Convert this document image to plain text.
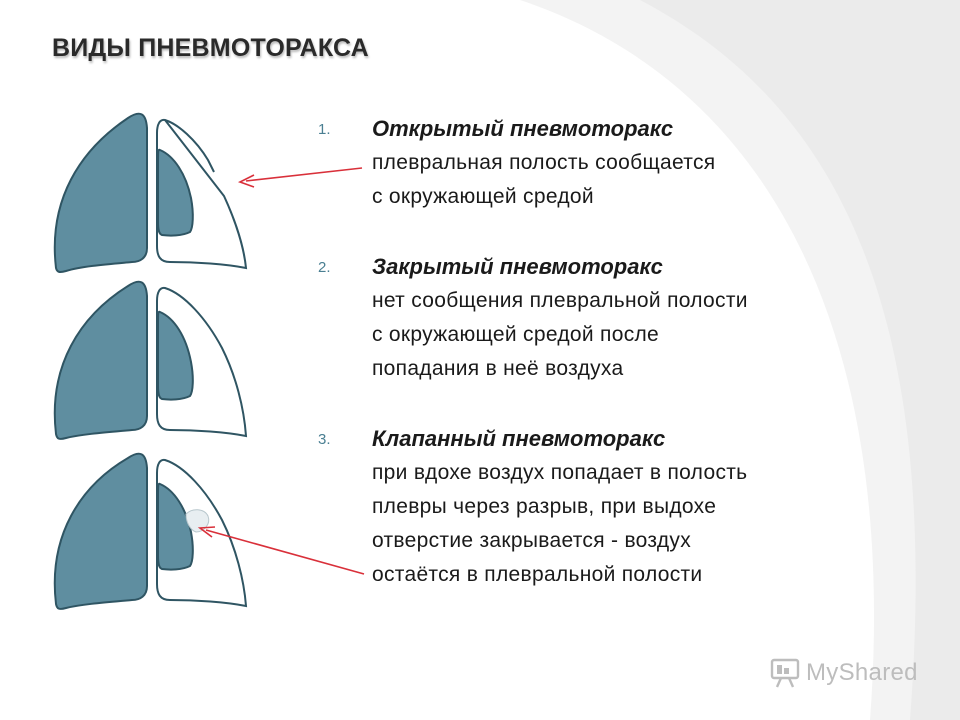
ВИДЫ ПНЕВМОТОРАКСА
1. Открытый пневмоторакс
плевральная полость сообщается
с окружающей средой
2. Закрытый пневмоторакс
нет сообщения плевральной полости
с окружающей средой после
попадания в неё воздуха
3. Клапанный пневмоторакс
при вдохе воздух попадает в полость
плевры через разрыв, при выдохе
отверстие закрывается - воздух
остаётся в плевральной полости
MyShared
